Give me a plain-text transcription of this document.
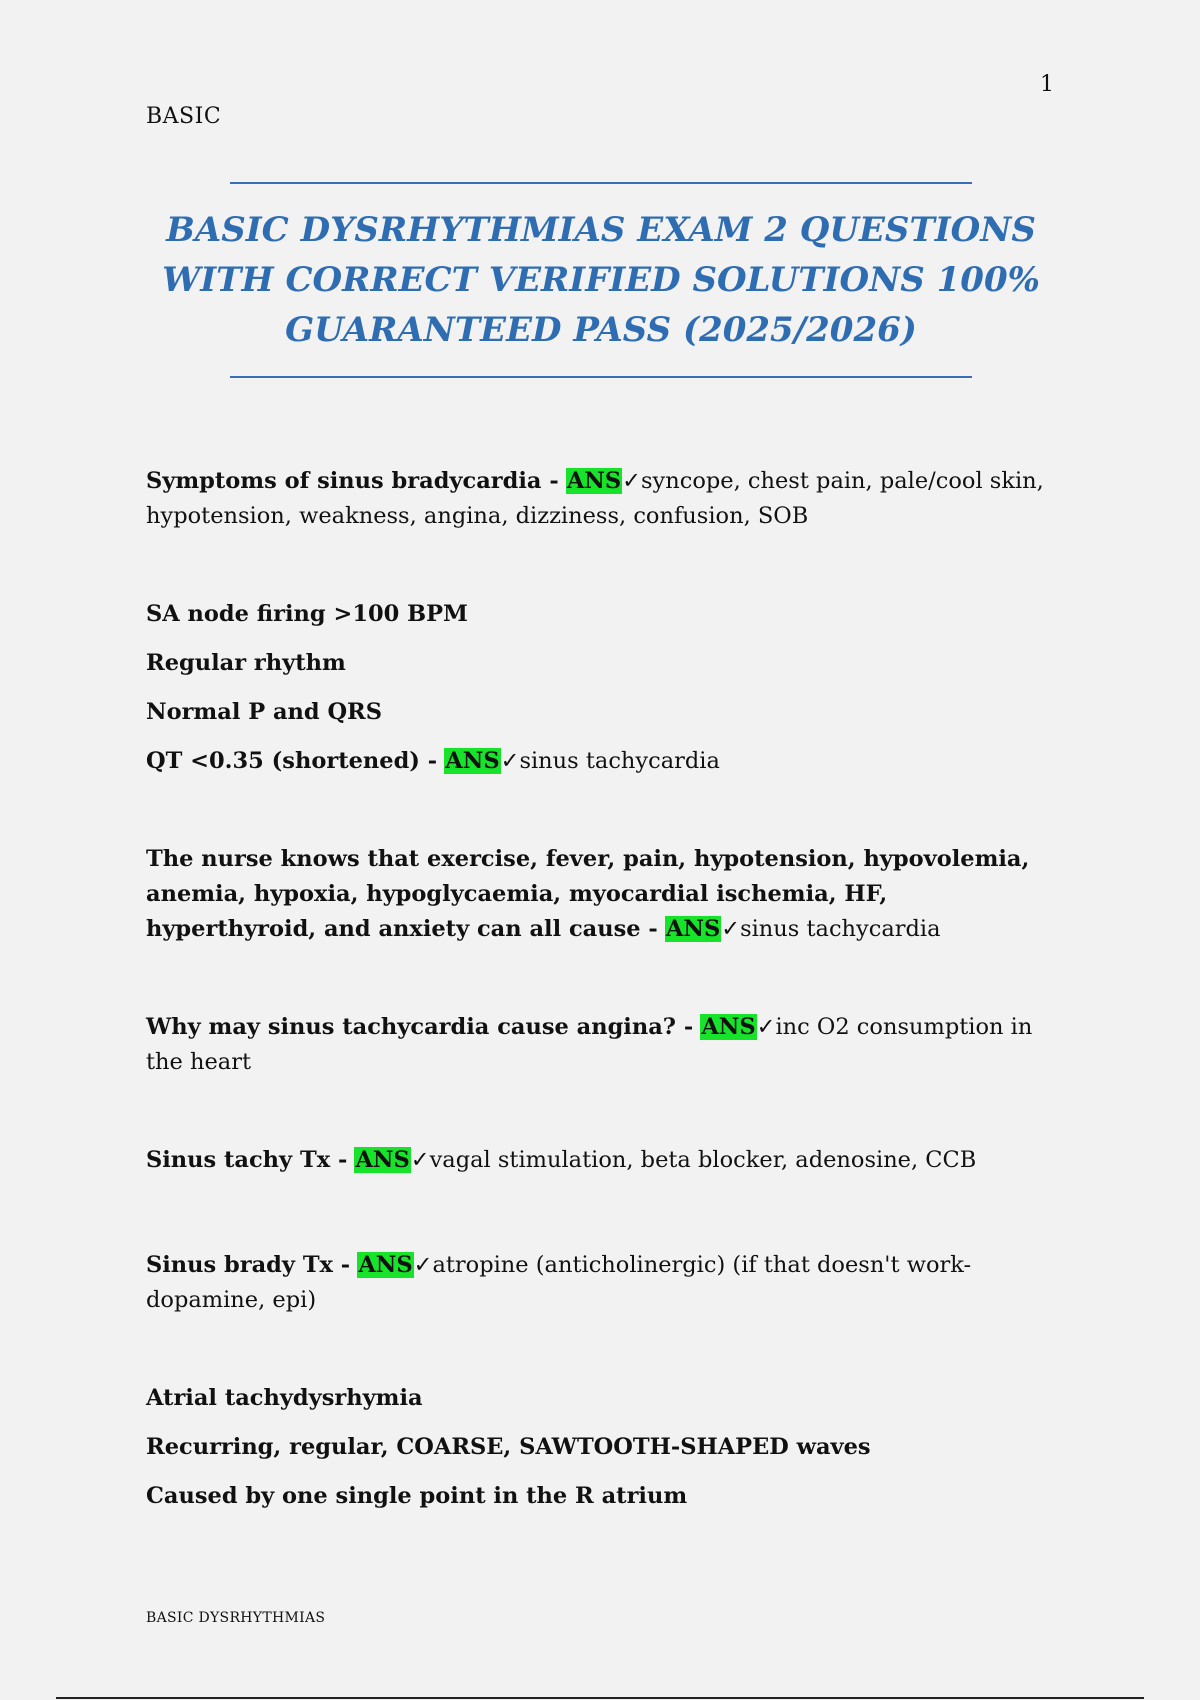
1
BASIC
BASIC DYSRHYTHMIAS EXAM 2 QUESTIONS
WITH CORRECT VERIFIED SOLUTIONS 100%
GUARANTEED PASS (2025/2026)
Symptoms of sinus bradycardia - ANS✓syncope, chest pain, pale/cool skin, hypotension, weakness, angina, dizziness, confusion, SOB
SA node firing >100 BPM
Regular rhythm
Normal P and QRS
QT <0.35 (shortened) - ANS✓sinus tachycardia
The nurse knows that exercise, fever, pain, hypotension, hypovolemia, anemia, hypoxia, hypoglycaemia, myocardial ischemia, HF, hyperthyroid, and anxiety can all cause - ANS✓sinus tachycardia
Why may sinus tachycardia cause angina? - ANS✓inc O2 consumption in the heart
Sinus tachy Tx - ANS✓vagal stimulation, beta blocker, adenosine, CCB
Sinus brady Tx - ANS✓atropine (anticholinergic) (if that doesn't work- dopamine, epi)
Atrial tachydysrhymia
Recurring, regular, COARSE, SAWTOOTH-SHAPED waves
Caused by one single point in the R atrium
BASIC DYSRHYTHMIAS
